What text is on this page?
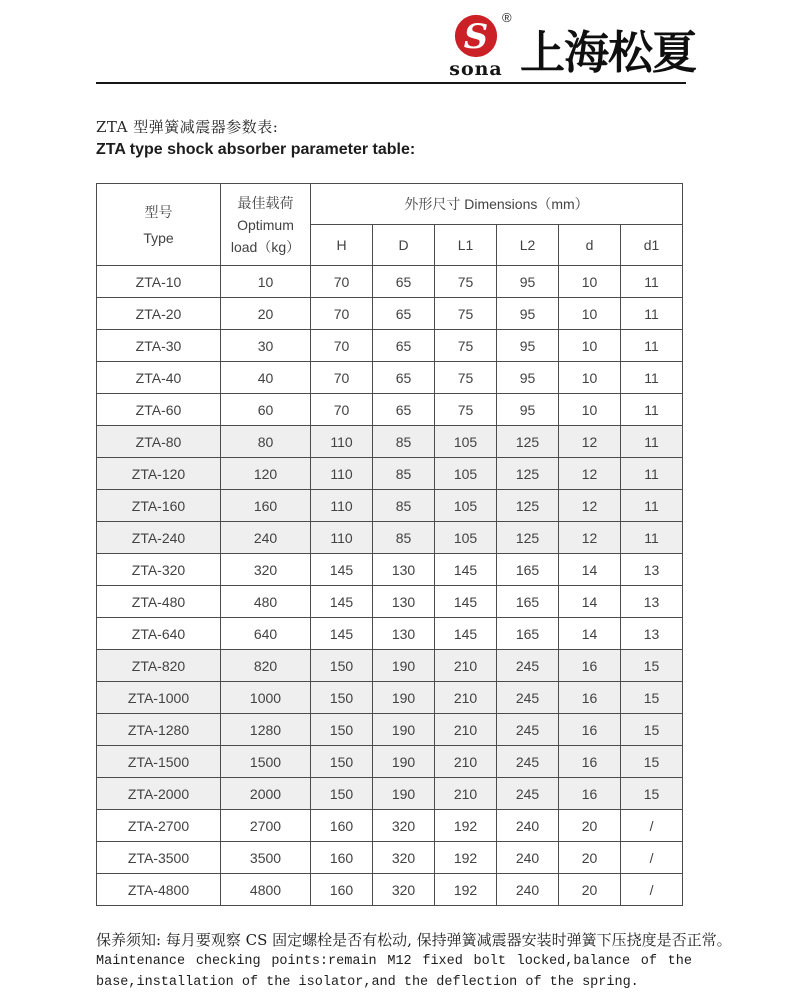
S ®
sona 上海松夏
ZTA 型弹簧减震器参数表:
ZTA type shock absorber parameter table:
型号
Type

最佳载荷
Optimum
load（kg）
	外形尺寸 Dimensions（mm）
		H	D	L1	L2	d	d1
ZTA-10	10	70	65	75	95	10	11
ZTA-20	20	70	65	75	95	10	11
ZTA-30	30	70	65	75	95	10	11
ZTA-40	40	70	65	75	95	10	11
ZTA-60	60	70	65	75	95	10	11
ZTA-80	80	110	85	105	125	12	11
ZTA-120	120	110	85	105	125	12	11
ZTA-160	160	110	85	105	125	12	11
ZTA-240	240	110	85	105	125	12	11
ZTA-320	320	145	130	145	165	14	13
ZTA-480	480	145	130	145	165	14	13
ZTA-640	640	145	130	145	165	14	13
ZTA-820	820	150	190	210	245	16	15
ZTA-1000	1000	150	190	210	245	16	15
ZTA-1280	1280	150	190	210	245	16	15
ZTA-1500	1500	150	190	210	245	16	15
ZTA-2000	2000	150	190	210	245	16	15
ZTA-2700	2700	160	320	192	240	20	/
ZTA-3500	3500	160	320	192	240	20	/
ZTA-4800	4800	160	320	192	240	20	/
保养须知: 每月要观察 CS 固定螺栓是否有松动, 保持弹簧减震器安装时弹簧下压挠度是否正常。
Maintenance checking points:remain M12 fixed bolt locked,balance of the
base,installation of the isolator,and the deflection of the spring.
